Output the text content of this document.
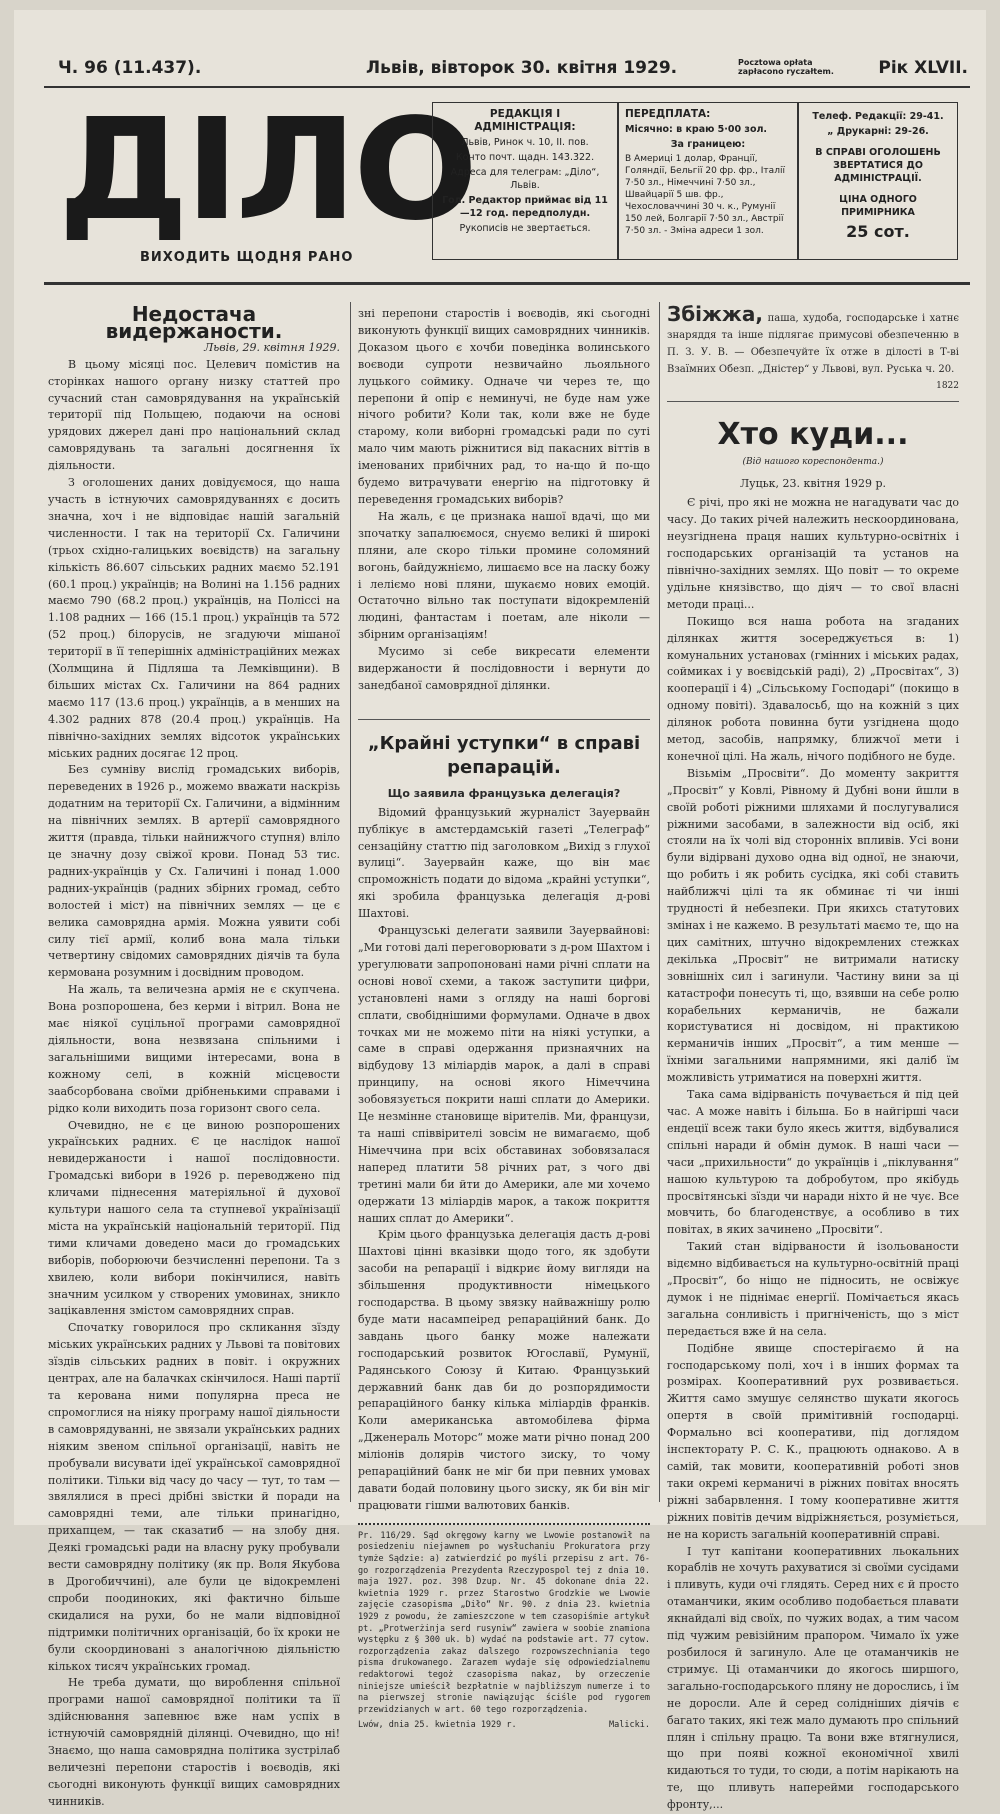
Ч. 96 (11.437).	Львів, вівторок 30. квітня 1929.	Pocztowa opłata
zapłacono ryczałtem.	Рік XLVII.
ДІЛО
ВИХОДИТЬ ЩОДНЯ РАНО
РЕДАКЦІЯ І АДМІНІСТРАЦІЯ:

Львів, Ринок ч. 10, II. пов.

Конто почт. щадн. 143.322.

Адреса для телеграм: „Діло“, Львів.

Гол. Редактор приймає від 11—12 год. передполудн.

Рукописів не звертається.

ПЕРЕДПЛАТА:

Місячно: в краю 5·00 зол.

За границею:

В Америці 1 долар, Франції, Голяндії, Бельгії 20 фр. фр., Італії 7·50 зл., Німеччині 7·50 зл., Швайцарії 5 шв. фр., Чехословаччині 30 ч. к., Румунії 150 лей, Болгарії 7·50 зл., Австрії 7·50 зл. - Зміна адреси 1 зол.

Телеф. Редакції: 29-41.

„ Друкарні: 29-26.

В СПРАВІ ОГОЛОШЕНЬ ЗВЕРТАТИСЯ ДО АДМІНІСТРАЦІЇ.

ЦІНА ОДНОГО ПРИМІРНИКА

25 сот.

Недостача видержаности.
Львів, 29. квітня 1929.

В цьому місяці пос. Целевич помістив на сторінках нашого органу низку статтей про сучасний стан самоврядування на українській території під Польщею, подаючи на основі урядових джерел дані про національний склад самоврядувань та загальні досягнення їх діяльности.

З оголошених даних довідуємося, що наша участь в істнуючих самоврядуваннях є досить значна, хоч і не відповідає нашій загальній численности. І так на території Сх. Галичини (трьох східно-галицьких воєвідств) на загальну кількість 86.607 сільських радних маємо 52.191 (60.1 проц.) українців; на Волині на 1.156 радних маємо 790 (68.2 проц.) українців, на Поліссі на 1.108 радних — 166 (15.1 проц.) українців та 572 (52 проц.) білорусів, не згадуючи мішаної території в її теперішніх адміністраційних межах (Холмщина й Підляша та Лемківщини). В більших містах Сх. Галичини на 864 радних маємо 117 (13.6 проц.) українців, а в менших на 4.302 радних 878 (20.4 проц.) українців. На північно-західних землях відсоток українських міських радних досягає 12 проц.

Без сумніву вислід громадських виборів, переведених в 1926 р., можемо вважати наскрізь додатним на території Сх. Галичини, а відмінним на північних землях. В артерії самоврядного життя (правда, тільки найнижчого ступня) вліло це значну дозу свіжої крови. Понад 53 тис. радних-українців у Сх. Галичині і понад 1.000 радних-українців (радних збірних громад, себто волостей і міст) на північних землях — це є велика самоврядна армія. Можна уявити собі силу тієї армії, колиб вона мала тільки четвертину свідомих самоврядних діячів та була кермована розумним і досвідним проводом.

На жаль, та величезна армія не є скупчена. Вона розпорошена, без керми і вітрил. Вона не має ніякої суцільної програми самоврядної діяльности, вона незвязана спільними і загальнішими вищими інтересами, вона в кожному селі, в кожній місцевости заабсорбована своїми дрібненькими справами і рідко коли виходить поза горизонт свого села.

Очевидно, не є це виною розпорошених українських радних. Є це наслідок нашої невидержаности і нашої послідовности. Громадські вибори в 1926 р. переводжено під кличами піднесення матеріяльної й духової культури нашого села та ступневої українізації міста на українській національній території. Під тими кличами доведено маси до громадських виборів, поборюючи безчисленні перепони. Та з хвилею, коли вибори покінчилися, навіть значним усилком у створених умовинах, зникло зацікавлення змістом самоврядних справ.

Спочатку говорилося про скликання зїзду міських українських радних у Львові та повітових зїздів сільських радних в повіт. і окружних центрах, але на балачках скінчилося. Наші партії та керована ними популярна преса не спромоглися на ніяку програму нашої діяльности в самоврядуванні, не звязали українських радних ніяким звеном спільної організації, навіть не пробували висувати ідеї української самоврядної політики. Тільки від часу до часу — тут, то там — звялялися в пресі дрібні звістки й поради на самоврядні теми, але тільки принагідно, прихапцем, — так сказатиб — на злобу дня. Деякі громадські ради на власну руку пробували вести самоврядну політику (як пр. Воля Якубова в Дрогобиччині), але були це відокремлені спроби поодиноких, які фактично більше скидалися на рухи, бо не мали відповідної підтримки політичних організацій, бо їх кроки не були скоординовані з аналогічною діяльністю кількох тисяч українських громад.

Не треба думати, що вироблення спільної програми нашої самоврядної політики та її здійснювання запевнює вже нам успіх в істнуючій самоврядній ділянці. Очевидно, що ні! Знаємо, що наша самоврядна політика зустрілаб величезні перепони старостів і воєводів, які сьогодні виконують функції вищих самоврядних чинників.

зні перепони старостів і воєводів, які сьогодні виконують функції вищих самоврядних чинників. Доказом цього є хочби поведінка волинського воєводи супроти незвичайно льояльного луцького соймику. Одначе чи через те, що перепони й опір є неминучі, не буде нам уже нічого робити? Коли так, коли вже не буде старому, коли виборні громадські ради по суті мало чим мають ріжнитися від пакасних віттів в іменованих прибічних рад, то на-що й по-що будемо витрачувати енергію на підготовку й переведення громадських виборів?

На жаль, є це признака нашої вдачі, що ми зпочатку запалюємося, снуємо великі й широкі пляни, але скоро тільки промине соломяний вогонь, байдужніємо, лишаємо все на ласку божу і леліємо нові пляни, шукаємо нових емоцій. Остаточно вільно так поступати відокремленій людині, фантастам і поетам, але ніколи — збірним організаціям!

Мусимо зі себе викресати елементи видержаности й послідовности і вернути до занедбаної самоврядної ділянки.

„Крайні уступки“ в справі репарацій.
Що заявила французька делегація?

Відомий французький журналіст Зауервайн публікує в амстердамській газеті „Телеграф“ сензаційну статтю під заголовком „Вихід з глухої вулиці“. Зауервайн каже, що він має спроможність подати до відома „крайні уступки“, які зробила французька делегація д-рові Шахтові.

Французські делегати заявили Зауервайнові: „Ми готові далі переговорювати з д-ром Шахтом і урегулювати запропоновані нами річні сплати на основі нової схеми, а також заступити цифри, установлені нами з огляду на наші боргові сплати, свобіднішими формулами. Одначе в двох точках ми не можемо піти на ніякі уступки, а саме в справі одержання признаячних на відбудову 13 міліардів марок, а далі в справі принципу, на основі якого Німеччина зобовязується покрити наші сплати до Америки. Це незмінне становище вірителів. Ми, французи, та наші співвірителі зовсім не вимагаємо, щоб Німеччина при всіх обставинах зобовязалася наперед платити 58 річних рат, з чого дві третині мали би йти до Америки, але ми хочемо одержати 13 міліардів марок, а також покриття наших сплат до Америки“.

Крім цього французька делегація дасть д-рові Шахтові цінні вказівки щодо того, як здобути засоби на репарації і відкриє йому вигляди на збільшення продуктивности німецького господарства. В цьому звязку найважнішу ролю буде мати насампеіред репараційний банк. До завдань цього банку може належати господарський розвиток Югославії, Румунії, Радянського Союзу й Китаю. Французький державний банк дав би до розпорядимости репараційного банку кілька міліардів франків. Коли американська автомобілева фірма „Дженераль Моторс“ може мати річно понад 200 міліонів долярів чистого зиску, то чому репараційний банк не міг би при певних умовах давати бодай половину цього зиску, як би він міг працювати гішми валютових банків.

Pr. 116/29. Sąd okręgowy karny we Lwowie postanowił na posiedzeniu niejawnem po wysłuchaniu Prokuratora przy tymże Sądzie: a) zatwierdzić po myśli przepisu z art. 76-go rozporządzenia Prezydenta Rzeczypospol tej z dnia 10. maja 1927. poz. 398 Dzup. Nr. 45 dokonane dnia 22. kwietnia 1929 r. przez Starostwo Grodzkie we Lwowie zajęcie czasopisma „Diło“ Nr. 90. z dnia 23. kwietnia 1929 z powodu, że zamieszczone w tem czasopiśmie artykuł pt. „Protwerżinja serd rusyniw“ zawiera w soobie znamiona występku z § 300 uk. b) wydać na podstawie art. 77 cytow. rozporządzenia zakaz dalszego rozpowszechniania tego pisma drukowanego. Zarazem wydaje się odpowiedzialnemu redaktorowi tegoż czasopisma nakaz, by orzeczenie niniejsze umieścił bezpłatnie w najbliższym numerze i to na pierwszej stronie nawiązując ściśle pod rygorem przewidzianych w art. 60 tego rozporządzenia.
Lwów, dnia 25. kwietnia 1929 r.	Malicki.
Збіжжа, паша, худоба, господарське і хатнє знаряддя та інше підлягає примусові обезпеченню в П. З. У. В. — Обезпечуйте їх отже в ділості в Т-ві Взаїмних Обезп. „Дністер“ у Львові, вул. Руська ч. 20.
1822
Хто куди...
(Від нашого кореспондента.)
Луцьк, 23. квітня 1929 р.

Є річі, про які не можна не нагадувати час до часу. До таких річей належить нескоординована, неузгіднена праця наших культурно-освітніх і господарських організацій та установ на північно-західних землях. Що повіт — то окреме удільне князівство, що діяч — то свої власні методи праці...

Покищо вся наша робота на згаданих ділянках життя зосереджується в: 1) комунальних установах (гмінних і міських радах, соймиках і у воєвідській раді), 2) „Просвітах“, 3) кооперації і 4) „Сільському Господарі“ (покищо в одному повіті). Здавалосьб, що на кожній з цих ділянок робота повинна бути узгіднена щодо метод, засобів, напрямку, ближчої мети і конечної цілі. На жаль, нічого подібного не буде.

Візьмім „Просвіти“. До моменту закриття „Просвіт“ у Ковлі, Рівному й Дубні вони йшли в своїй роботі ріжними шляхами й послугувалися ріжними засобами, в залежности від осіб, які стояли на їх чолі від сторонніх впливів. Усі вони були відірвані духово одна від одної, не знаючи, що робить і як робить сусідка, які собі ставить найближчі цілі та як обминає ті чи інші трудності й небезпеки. При якихсь статутових змінах і не кажемо. В результаті маємо те, що на цих самітних, штучно відокремлених стежках декілька „Просвіт“ не витримали натиску зовнішніх сил і загинули. Частину вини за ці катастрофи понесуть ті, що, взявши на себе ролю корабельних керманичів, не бажали користуватися ні досвідом, ні практикою керманичів інших „Просвіт“, а тим менше — їхніми загальними напрямними, які даліб їм можливість утриматися на поверхні життя.

Така сама відірваність почувається й під цей час. А може навіть і більша. Бо в найгірші часи ендеції всеж таки було якесь життя, відбувалися спільні наради й обмін думок. В наші часи — часи „прихильности“ до українців і „піклування“ нашою культурою та добробутом, про якібудь просвітянські зїзди чи наради ніхто й не чує. Все мовчить, бо благоденствує, а особливо в тих повітах, в яких зачинено „Просвіти“.

Такий стан відірваности й ізольованости відємно відбивається на культурно-освітній праці „Просвіт“, бо ніщо не підносить, не освіжує думок і не піднімає енергії. Помічається якась загальна сонливість і пригніченість, що з міст передається вже й на села.

Подібне явище спостерігаємо й на господарському полі, хоч і в інших формах та розмірах. Кооперативний рух розвивається. Життя само змушує селянство шукати якогось опертя в своїй примітивній господарці. Формально всі кооперативи, під доглядом інспекторату Р. С. К., працюють однаково. А в самій, так мовити, кооперативній роботі знов таки окремі керманичі в ріжних повітах вносять ріжні забарвлення. І тому кооперативне життя ріжних повітів дечим відріжняється, розуміється, не на користь загальній кооперативній справі.

І тут капітани кооперативних льокальних кораблів не хочуть рахуватися зі своїми сусідами і пливуть, куди очі глядять. Серед них є й просто отаманчики, яким особливо подобається плавати якнайдалі від своїх, по чужих водах, а тим часом під чужим ревізійним прапором. Чимало їх уже розбилося й загинуло. Але це отаманчиків не стримує. Ці отаманчики до якогось ширшого, загально-господарського пляну не дорослись, і їм не доросли. Але й серед солідніших діячів є багато таких, які теж мало думають про спільний плян і спільну працю. Та вони вже втягнулися, що при появі кожної економічної хвилі кидаються то туди, то сюди, а потім нарікають на те, що пливуть наперейми господарського фронту,...
